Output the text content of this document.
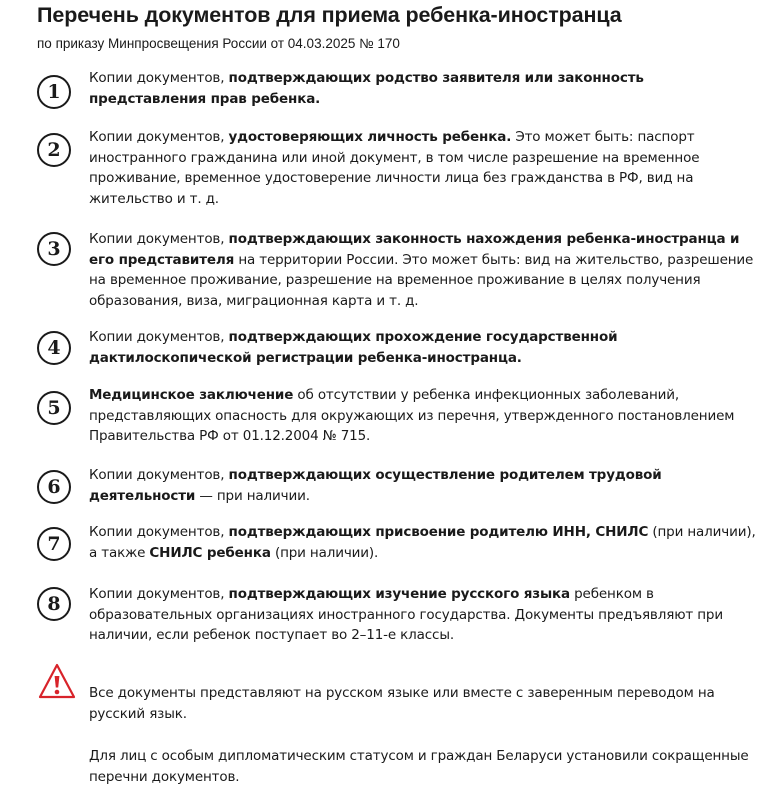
Перечень документов для приема ребенка-иностранца
по приказу Минпросвещения России от 04.03.2025 № 170
1
Копии документов, подтверждающих родство заявителя или законность представления прав ребенка.
2
Копии документов, удостоверяющих личность ребенка. Это может быть: паспорт иностранного гражданина или иной документ, в том числе разрешение на временное проживание, временное удостоверение личности лица без гражданства в РФ, вид на жительство и т. д.
3	Копии документов, подтверждающих законность нахождения ребенка-иностранца и его представителя на территории России. Это может быть: вид на жительство, разрешение на временное проживание, разрешение на временное проживание в целях получения образования, виза, миграционная карта и т. д.
4	Копии документов, подтверждающих прохождение государственной дактилоскопической регистрации ребенка-иностранца.
5
Медицинское заключение об отсутствии у ребенка инфекционных заболеваний, представляющих опасность для окружающих из перечня, утвержденного постановлением Правительства РФ от 01.12.2004 № 715.
6
Копии документов, подтверждающих осуществление родителем трудовой деятельности — при наличии.
7
Копии документов, подтверждающих присвоение родителю ИНН, СНИЛС (при наличии), а также СНИЛС ребенка (при наличии).
8	Копии документов, подтверждающих изучение русского языка ребенком в образовательных организациях иностранного государства. Документы предъявляют при наличии, если ребенок поступает во 2–11-е классы.
Все документы представляют на русском языке или вместе с заверенным переводом на русский язык.
Для лиц с особым дипломатическим статусом и граждан Беларуси установили сокращенные перечни документов.
